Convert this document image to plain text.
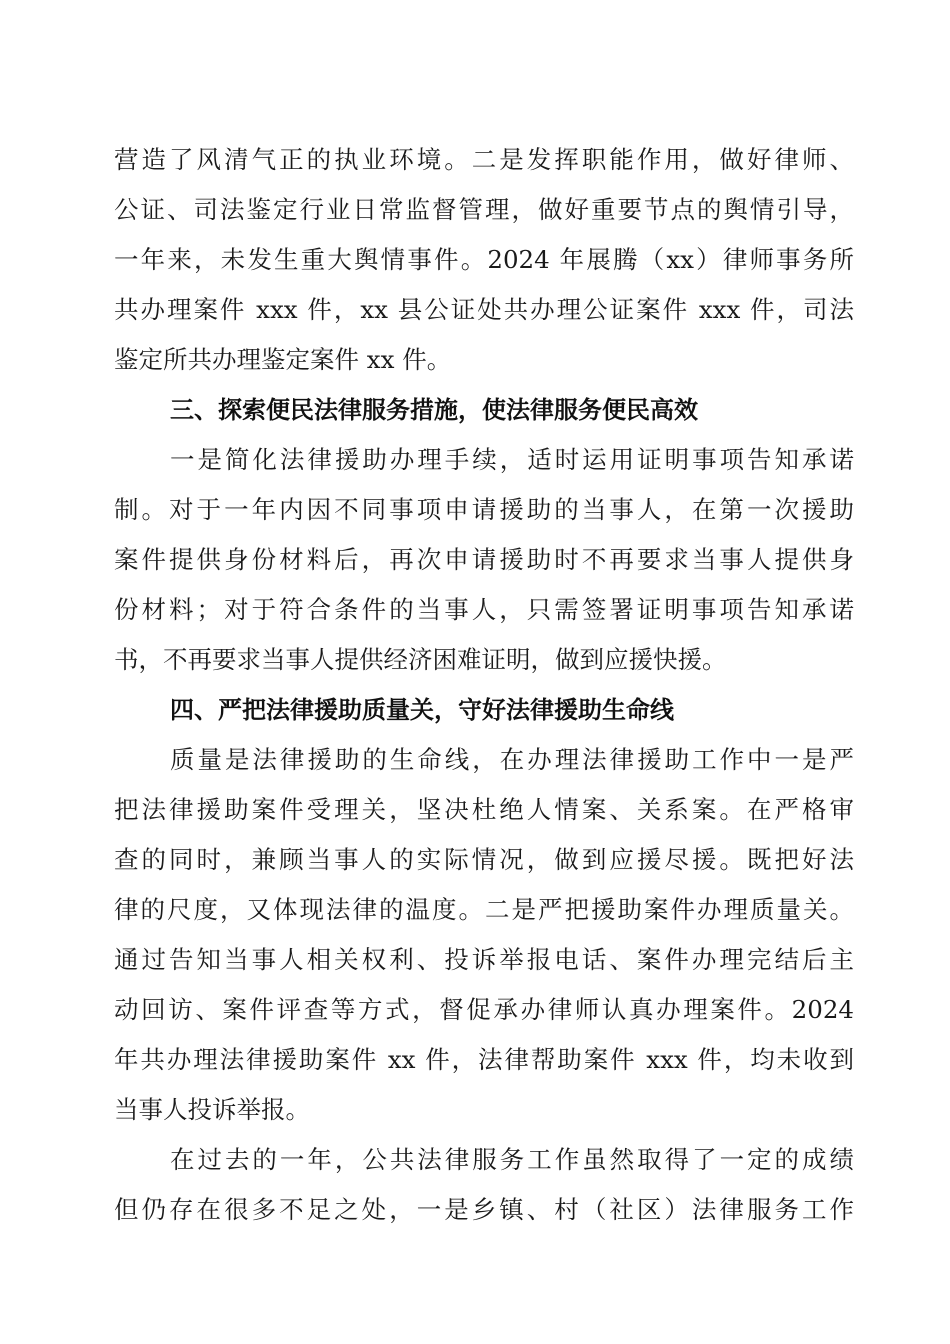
营造了风清气正的执业环境。二是发挥职能作用，做好律师、
公证、司法鉴定行业日常监督管理，做好重要节点的舆情引导，
一年来，未发生重大舆情事件。2024 年展腾（xx）律师事务所
共办理案件 xxx 件，xx 县公证处共办理公证案件 xxx 件，司法
鉴定所共办理鉴定案件 xx 件。
三、探索便民法律服务措施，使法律服务便民高效
一是简化法律援助办理手续，适时运用证明事项告知承诺
制。对于一年内因不同事项申请援助的当事人，在第一次援助
案件提供身份材料后，再次申请援助时不再要求当事人提供身
份材料；对于符合条件的当事人，只需签署证明事项告知承诺
书，不再要求当事人提供经济困难证明，做到应援快援。
四、严把法律援助质量关，守好法律援助生命线
质量是法律援助的生命线，在办理法律援助工作中一是严
把法律援助案件受理关，坚决杜绝人情案、关系案。在严格审
查的同时，兼顾当事人的实际情况，做到应援尽援。既把好法
律的尺度，又体现法律的温度。二是严把援助案件办理质量关。
通过告知当事人相关权利、投诉举报电话、案件办理完结后主
动回访、案件评查等方式，督促承办律师认真办理案件。2024
年共办理法律援助案件 xx 件，法律帮助案件 xxx 件，均未收到
当事人投诉举报。
在过去的一年，公共法律服务工作虽然取得了一定的成绩
但仍存在很多不足之处，一是乡镇、村（社区）法律服务工作
